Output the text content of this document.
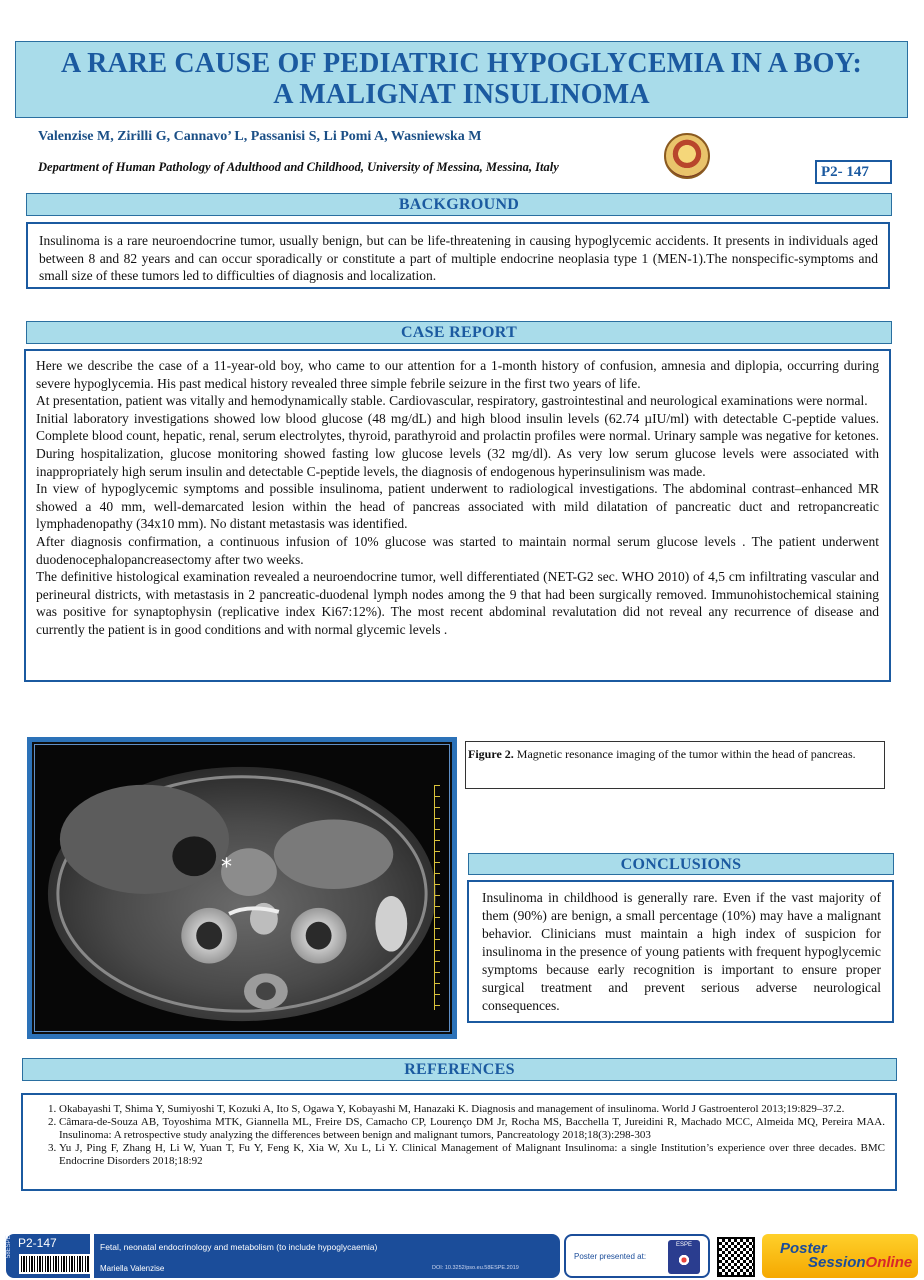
A RARE CAUSE OF PEDIATRIC HYPOGLYCEMIA IN A BOY:
A MALIGNAT INSULINOMA
Valenzise M, Zirilli G, Cannavo’ L, Passanisi S, Li Pomi A, Wasniewska M
Department of Human Pathology of Adulthood and Childhood, University of Messina, Messina, Italy	P2- 147
BACKGROUND

Insulinoma is a rare neuroendocrine tumor, usually benign, but can be life-threatening in causing hypoglycemic accidents. It presents in individuals aged between 8 and 82 years and can occur sporadically or constitute a part of multiple endocrine neoplasia type 1 (MEN-1).The nonspecific-symptoms and small size of these tumors led to difficulties of diagnosis and localization.

CASE REPORT

Here we describe the case of a 11-year-old boy, who came to our attention for a 1-month history of confusion, amnesia and diplopia, occurring during severe hypoglycemia. His past medical history revealed three simple febrile seizure in the first two years of life.

At presentation, patient was vitally and hemodynamically stable. Cardiovascular, respiratory, gastrointestinal and neurological examinations were normal.

Initial laboratory investigations showed low blood glucose (48 mg/dL) and high blood insulin levels (62.74 µIU/ml) with detectable C-peptide values. Complete blood count, hepatic, renal, serum electrolytes, thyroid, parathyroid and prolactin profiles were normal. Urinary sample was negative for ketones. During hospitalization, glucose monitoring showed fasting low glucose levels (32 mg/dl). As very low serum glucose levels were associated with inappropriately high serum insulin and detectable C-peptide levels, the diagnosis of endogenous hyperinsulinism was made.

In view of hypoglycemic symptoms and possible insulinoma, patient underwent to radiological investigations. The abdominal contrast–enhanced MR showed a 40 mm, well-demarcated lesion within the head of pancreas associated with mild dilatation of pancreatic duct and retropancreatic lymphadenopathy (34x10 mm). No distant metastasis was identified.

After diagnosis confirmation, a continuous infusion of 10% glucose was started to maintain normal serum glucose levels . The patient underwent duodenocephalopancreasectomy after two weeks.

The definitive histological examination revealed a neuroendocrine tumor, well differentiated (NET-G2 sec. WHO 2010) of 4,5 cm infiltrating vascular and perineural districts, with metastasis in 2 pancreatic-duodenal lymph nodes among the 9 that had been surgically removed. Immunohistochemical staining was positive for synaptophysin (replicative index Ki67:12%). The most recent abdominal revalutation did not reveal any recurrence of disease and currently the patient is in good conditions and with normal glycemic levels .

*
Figure 2. Magnetic resonance imaging of the tumor within the head of pancreas.
CONCLUSIONS

Insulinoma in childhood is generally rare. Even if the vast majority of them (90%) are benign, a small percentage (10%) may have a malignant behavior. Clinicians must maintain a high index of suspicion for insulinoma in the presence of young patients with frequent hypoglycemic symptoms because early recognition is important to ensure proper surgical treatment and prevent serious adverse neurological consequences.

REFERENCES
1. Okabayashi T, Shima Y, Sumiyoshi T, Kozuki A, Ito S, Ogawa Y, Kobayashi M, Hanazaki K. Diagnosis and management of insulinoma. World J Gastroenterol 2013;19:829–37.2.
2. Câmara-de-Souza AB, Toyoshima MTK, Giannella ML, Freire DS, Camacho CP, Lourenço DM Jr, Rocha MS, Bacchella T, Jureidini R, Machado MCC, Almeida MQ, Pereira MAA. Insulinoma: A retrospective study analyzing the differences between benign and malignant tumors, Pancreatology 2018;18(3):298-303
3. Yu J, Ping F, Zhang H, Li W, Yuan T, Fu Y, Feng K, Xia W, Xu L, Li Y. Clinical Management of Malignant Insulinoma: a single Institution’s experience over three decades. BMC Endocrine Disorders 2018;18:92
58ESPE P2-147	Fetal, neonatal endocrinology and metabolism (to include hypoglycaemia)
Mariella Valenzise	DOI: 10.3252/pso.eu.58ESPE.2019
Poster presented at:
ESPE	Poster
SessionOnline
